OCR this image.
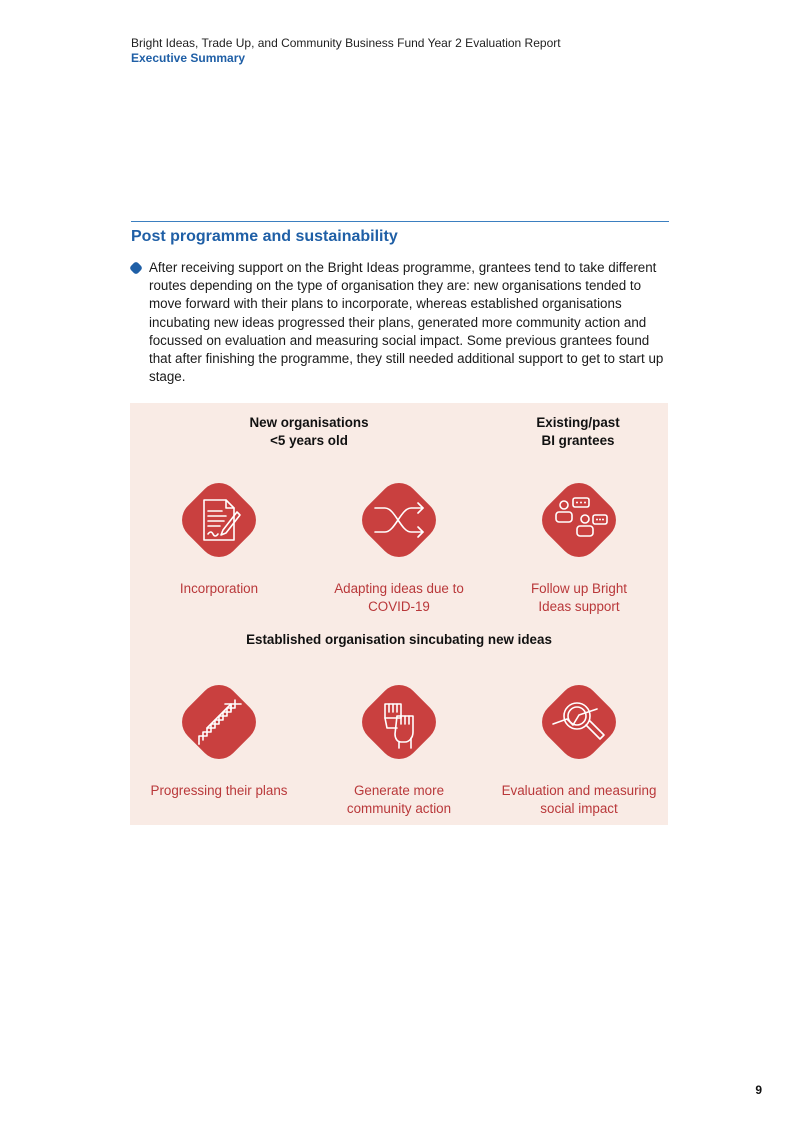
Bright Ideas, Trade Up, and Community Business Fund Year 2 Evaluation Report
Executive Summary
Post programme and sustainability

After receiving support on the Bright Ideas programme, grantees tend to take different routes depending on the type of organisation they are: new organisations tended to move forward with their plans to incorporate, whereas established organisations incubating new ideas progressed their plans, generated more community action and focussed on evaluation and measuring social impact. Some previous grantees found that after finishing the programme, they still needed additional support to get to start up stage.

New organisations
<5 years old
Existing/past
BI grantees
Incorporation	Adapting ideas due to
COVID-19
Follow up Bright
Ideas support
Established organisation sincubating new ideas
Progressing their plans	Generate more
community action
Evaluation and measuring
social impact
9
